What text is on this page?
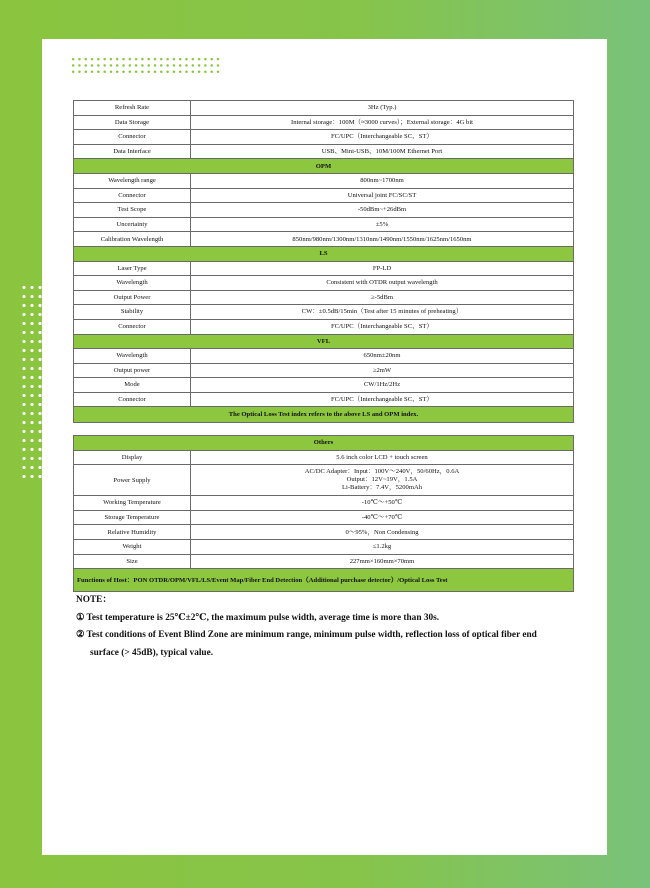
Refresh Rate	3Hz (Typ.)
Data Storage	Internal storage：100M（≈3000 curves）；External storage：4G bit
Connector	FC/UPC（Interchangeable SC、ST）
Data Interface	USB、Mini-USB、10M/100M Ethernet Port
OPM	
Wavelength range	800nm~1700nm
Connector	Universal joint FC/SC/ST
Test Scope	-50dBm~+26dBm
Uncertainty	±5%
Calibration Wavelength	850nm/980nm/1300nm/1310nm/1490nm/1550nm/1625nm/1650nm
LS	
Laser Type	FP-LD
Wavelength	Consistent with OTDR output wavelength
Output Power	≥-5dBm
Stability	CW：±0.5dB/15min（Test after 15 minutes of preheating）
Connector	FC/UPC（Interchangeable SC、ST）
VFL	
Wavelength	650nm±20nm
Output power	≥2mW
Mode	CW/1Hz/2Hz
Connector	FC/UPC（Interchangeable SC、ST）
The Optical Loss Test index refers to the above LS and OPM index.	

Others	
Display	5.6 inch color LCD + touch screen
Power Supply	AC/DC Adapter：Input：100V～240V，50/60Hz，0.6A
Output：12V~19V，1.5A
Li-Battery：7.4V，5200mAh

Working Temperature	-10℃～+50℃
Storage Temperature	-40℃～+70℃
Relative Humidity	0～95%，Non Condensing
Weight	≤1.2kg
Size	227mm×160mm×70mm
Functions of Host：PON OTDR/OPM/VFL/LS/Event Map/Fiber End Detection（Additional purchase detector）/Optical Loss Test	

NOTE：

① Test temperature is 25℃±2℃, the maximum pulse width, average time is more than 30s.

② Test conditions of Event Blind Zone are minimum range, minimum pulse width, reflection loss of optical fiber end

surface (> 45dB), typical value.
